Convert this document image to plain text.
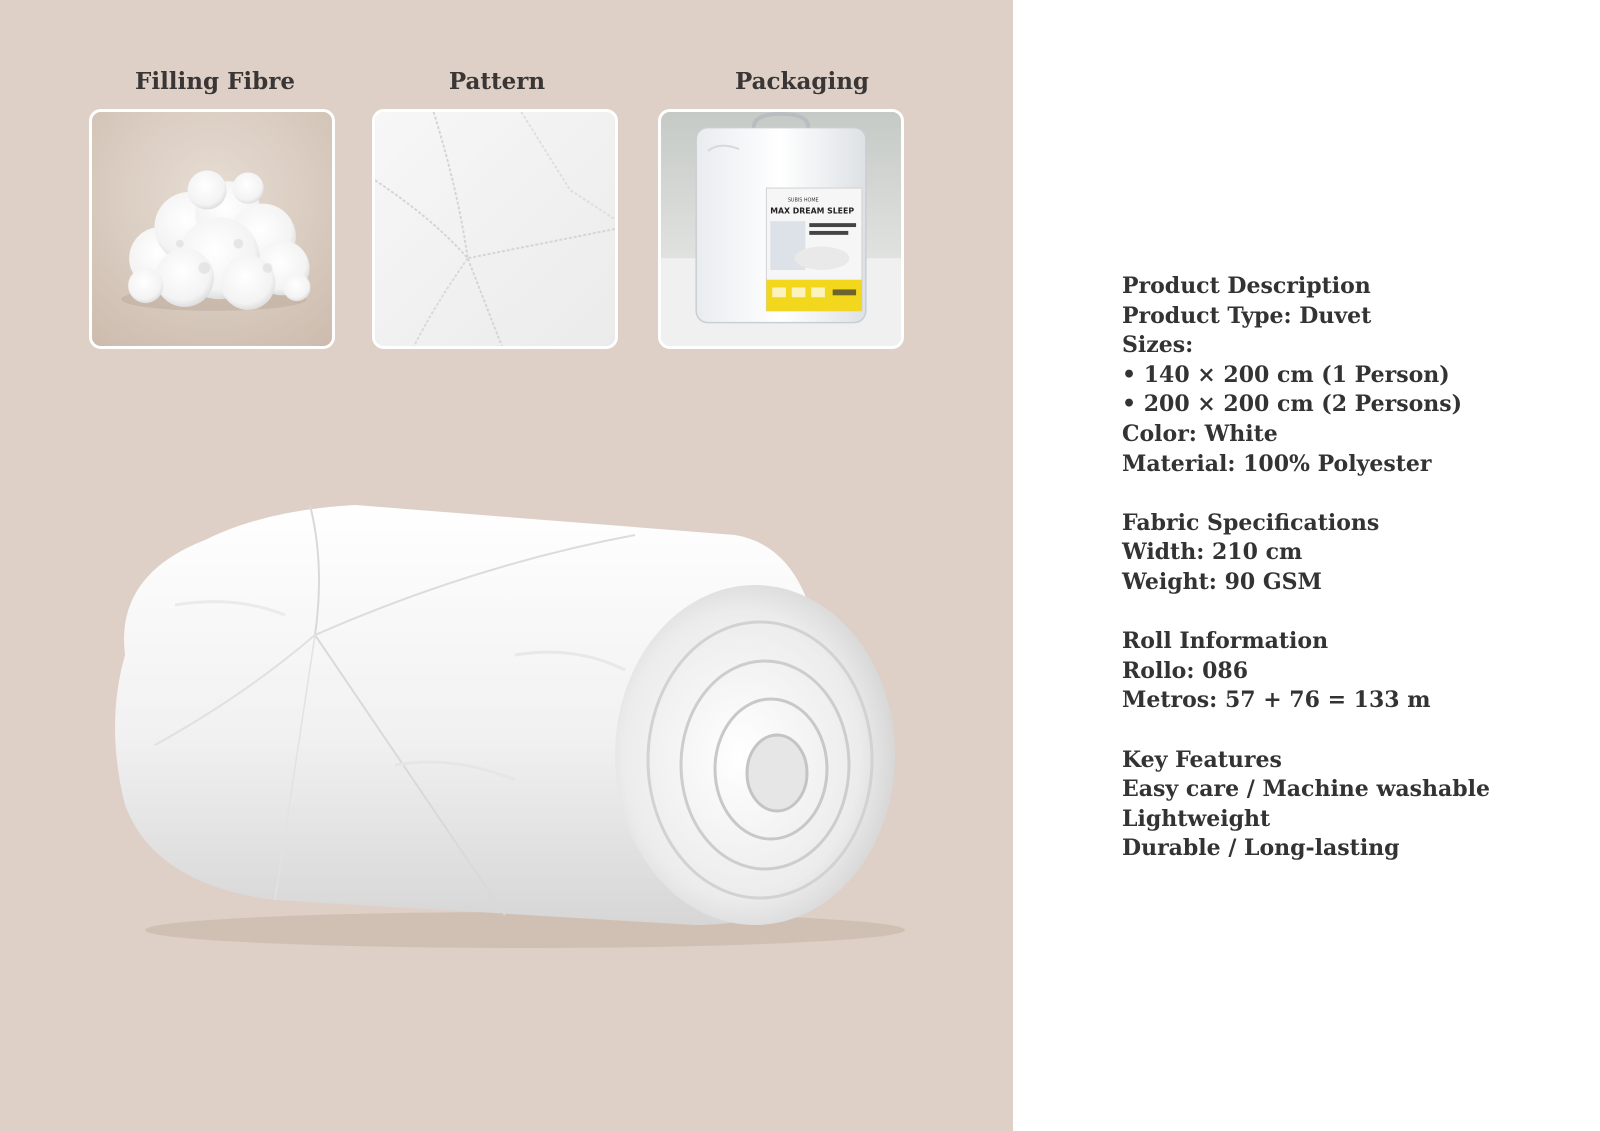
Filling Fibre	Pattern	Packaging
SUBIS HOME
MAX DREAM SLEEP
Product Description
Product Type: Duvet
Sizes:
• 140 × 200 cm (1 Person)
• 200 × 200 cm (2 Persons)
Color: White
Material: 100% Polyester
Fabric Specifications
Width: 210 cm
Weight: 90 GSM
Roll Information
Rollo: 086
Metros: 57 + 76 = 133 m
Key Features
Easy care / Machine washable
Lightweight
Durable / Long-lasting
